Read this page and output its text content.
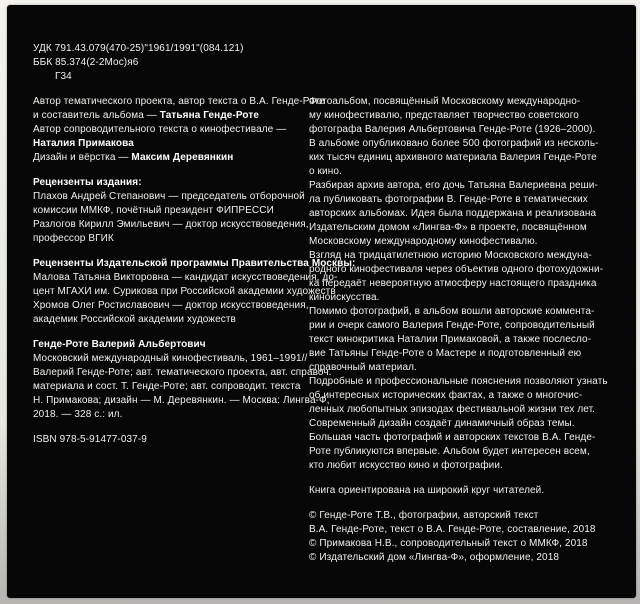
УДК 791.43.079(470-25)"1961/1991"(084.121)
ББК 85.374(2-2Мос)я6
Г34
Автор тематического проекта, автор текста о В.А. Генде-Роте
и составитель альбома — Татьяна Генде-Роте
Автор сопроводительного текста о кинофестивале —
Наталия Примакова
Дизайн и вёрстка — Максим Деревянкин
Рецензенты издания:
Плахов Андрей Степанович — председатель отборочной
комиссии ММКФ, почётный президент ФИПРЕССИ
Разлогов Кирилл Эмильевич — доктор искусствоведения,
профессор ВГИК
Рецензенты Издательской программы Правительства Москвы:
Малова Татьяна Викторовна — кандидат искусствоведения, до-
цент МГАХИ им. Сурикова при Российской академии художеств
Хромов Олег Ростиславович — доктор искусствоведения,
академик Российской академии художеств
Генде-Роте Валерий Альбертович
Московский международный кинофестиваль, 1961–1991//
Валерий Генде-Роте; авт. тематического проекта, авт. справоч.
материала и сост. Т. Генде-Роте; авт. сопроводит. текста
Н. Примакова; дизайн — М. Деревянкин. — Москва: Лингва-Ф,
2018. — 328 с.: ил.
ISBN 978-5-91477-037-9
Фотоальбом, посвящённый Московскому международно-
му кинофестивалю, представляет творчество советского
фотографа Валерия Альбертовича Генде-Роте (1926–2000).
В альбоме опубликовано более 500 фотографий из несколь-
ких тысяч единиц архивного материала Валерия Генде-Роте
о кино.
Разбирая архив автора, его дочь Татьяна Валериевна реши-
ла публиковать фотографии В. Генде-Роте в тематических
авторских альбомах. Идея была поддержана и реализована
Издательским домом «Лингва-Ф» в проекте, посвящённом
Московскому международному кинофестивалю.
Взгляд на тридцатилетнюю историю Московского междуна-
родного кинофестиваля через объектив одного фотохудожни-
ка передаёт невероятную атмосферу настоящего праздника
киноискусства.
Помимо фотографий, в альбом вошли авторские коммента-
рии и очерк самого Валерия Генде-Роте, сопроводительный
текст кинокритика Наталии Примаковой, а также послесло-
вие Татьяны Генде-Роте о Мастере и подготовленный ею
справочный материал.
Подробные и профессиональные пояснения позволяют узнать
об интересных исторических фактах, а также о многочис-
ленных любопытных эпизодах фестивальной жизни тех лет.
Современный дизайн создаёт динамичный образ темы.
Большая часть фотографий и авторских текстов В.А. Генде-
Роте публикуются впервые. Альбом будет интересен всем,
кто любит искусство кино и фотографии.
Книга ориентирована на широкий круг читателей.
© Генде-Роте Т.В., фотографии, авторский текст
В.А. Генде-Роте, текст о В.А. Генде-Роте, составление, 2018
© Примакова Н.В., сопроводительный текст о ММКФ, 2018
© Издательский дом «Лингва-Ф», оформление, 2018
